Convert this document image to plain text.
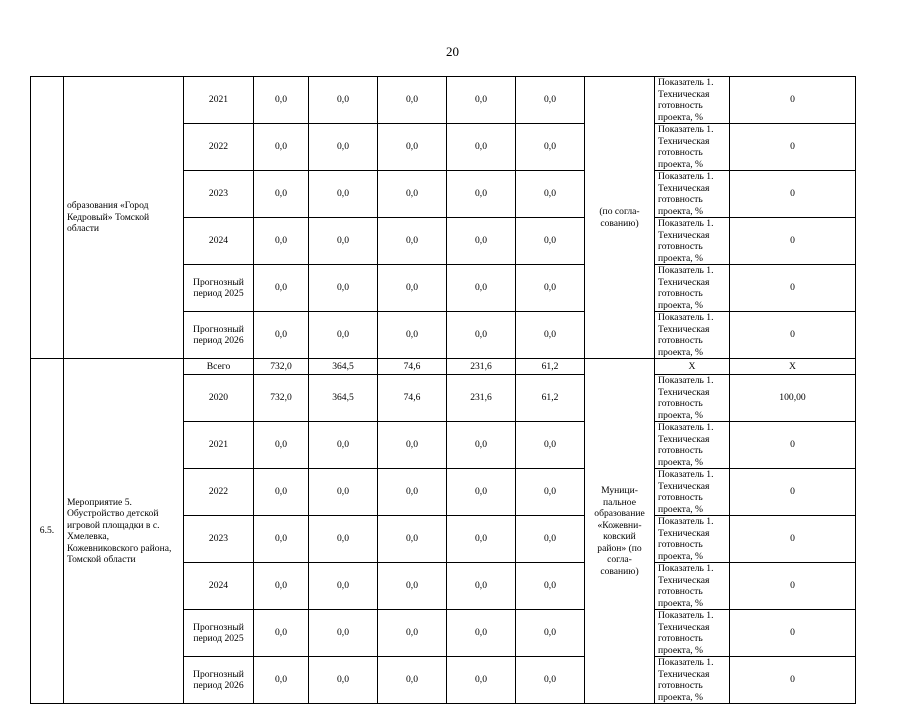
20
	образования «Город Кедровый» Томской области	2021	0,0	0,0	0,0	0,0	0,0	(по согла-сованию)	Показатель 1. Техническая готовность проекта, %	0
		2022	0,0	0,0	0,0	0,0	0,0		Показатель 1. Техническая готовность проекта, %	0
		2023	0,0	0,0	0,0	0,0	0,0		Показатель 1. Техническая готовность проекта, %	0
		2024	0,0	0,0	0,0	0,0	0,0		Показатель 1. Техническая готовность проекта, %	0
		Прогнозный период 2025	0,0	0,0	0,0	0,0	0,0		Показатель 1. Техническая готовность проекта, %	0
		Прогнозный период 2026	0,0	0,0	0,0	0,0	0,0		Показатель 1. Техническая готовность проекта, %	0
6.5.	Мероприятие 5. Обустройство детской игровой площадки в с. Хмелевка, Кожевниковского района, Томской области	Всего	732,0	364,5	74,6	231,6	61,2	Муници-пальное образование «Кожевни-ковский район» (по согла-сованию)	Х	Х
		2020	732,0	364,5	74,6	231,6	61,2		Показатель 1. Техническая готовность проекта, %	100,00
		2021	0,0	0,0	0,0	0,0	0,0		Показатель 1. Техническая готовность проекта, %	0
		2022	0,0	0,0	0,0	0,0	0,0		Показатель 1. Техническая готовность проекта, %	0
		2023	0,0	0,0	0,0	0,0	0,0		Показатель 1. Техническая готовность проекта, %	0
		2024	0,0	0,0	0,0	0,0	0,0		Показатель 1. Техническая готовность проекта, %	0
		Прогнозный период 2025	0,0	0,0	0,0	0,0	0,0		Показатель 1. Техническая готовность проекта, %	0
		Прогнозный период 2026	0,0	0,0	0,0	0,0	0,0		Показатель 1. Техническая готовность проекта, %	0
